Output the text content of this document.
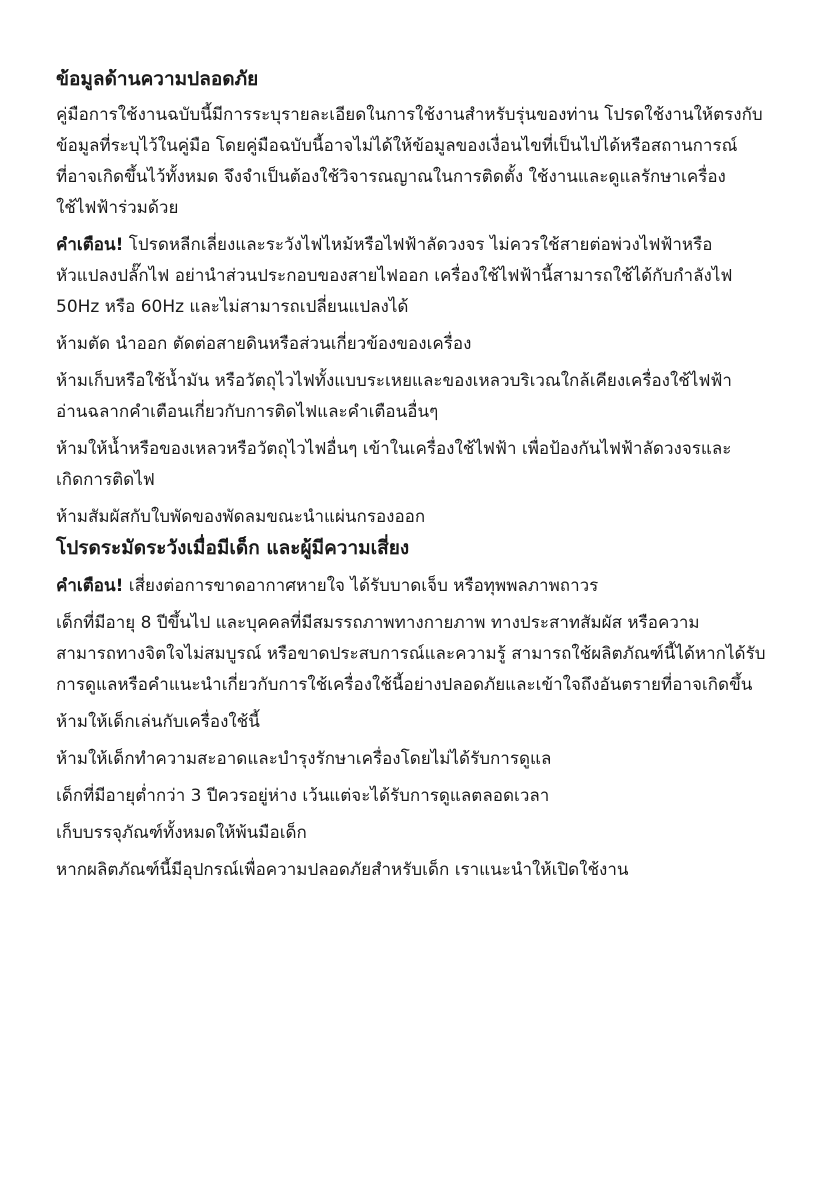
ข้อมูลด้านความปลอดภัย
คู่มือการใช้งานฉบับนี้มีการระบุรายละเอียดในการใช้งานสำหรับรุ่นของท่าน โปรดใช้งานให้ตรงกับ
ข้อมูลที่ระบุไว้ในคู่มือ โดยคู่มือฉบับนี้อาจไม่ได้ให้ข้อมูลของเงื่อนไขที่เป็นไปได้หรือสถานการณ์
ที่อาจเกิดขึ้นไว้ทั้งหมด จึงจำเป็นต้องใช้วิจารณญาณในการติดตั้ง ใช้งานและดูแลรักษาเครื่อง
ใช้ไฟฟ้าร่วมด้วย
คำเตือน! โปรดหลีกเลี่ยงและระวังไฟไหม้หรือไฟฟ้าลัดวงจร ไม่ควรใช้สายต่อพ่วงไฟฟ้าหรือ
หัวแปลงปลั๊กไฟ อย่านำส่วนประกอบของสายไฟออก เครื่องใช้ไฟฟ้านี้สามารถใช้ได้กับกำลังไฟ
50Hz หรือ 60Hz และไม่สามารถเปลี่ยนแปลงได้
ห้ามตัด นำออก ตัดต่อสายดินหรือส่วนเกี่ยวข้องของเครื่อง
ห้ามเก็บหรือใช้น้ำมัน หรือวัตถุไวไฟทั้งแบบระเหยและของเหลวบริเวณใกล้เคียงเครื่องใช้ไฟฟ้า
อ่านฉลากคำเตือนเกี่ยวกับการติดไฟและคำเตือนอื่นๆ
ห้ามให้น้ำหรือของเหลวหรือวัตถุไวไฟอื่นๆ เข้าในเครื่องใช้ไฟฟ้า เพื่อป้องกันไฟฟ้าลัดวงจรและ
เกิดการติดไฟ
ห้ามสัมผัสกับใบพัดของพัดลมขณะนำแผ่นกรองออก
โปรดระมัดระวังเมื่อมีเด็ก และผู้มีความเสี่ยง
คำเตือน! เสี่ยงต่อการขาดอากาศหายใจ ได้รับบาดเจ็บ หรือทุพพลภาพถาวร
เด็กที่มีอายุ 8 ปีขึ้นไป และบุคคลที่มีสมรรถภาพทางกายภาพ ทางประสาทสัมผัส หรือความ
สามารถทางจิตใจไม่สมบูรณ์ หรือขาดประสบการณ์และความรู้ สามารถใช้ผลิตภัณฑ์นี้ได้หากได้รับ
การดูแลหรือคำแนะนำเกี่ยวกับการใช้เครื่องใช้นี้อย่างปลอดภัยและเข้าใจถึงอันตรายที่อาจเกิดขึ้น
ห้ามให้เด็กเล่นกับเครื่องใช้นี้
ห้ามให้เด็กทำความสะอาดและบำรุงรักษาเครื่องโดยไม่ได้รับการดูแล
เด็กที่มีอายุต่ำกว่า 3 ปีควรอยู่ห่าง เว้นแต่จะได้รับการดูแลตลอดเวลา
เก็บบรรจุภัณฑ์ทั้งหมดให้พ้นมือเด็ก
หากผลิตภัณฑ์นี้มีอุปกรณ์เพื่อความปลอดภัยสำหรับเด็ก เราแนะนำให้เปิดใช้งาน
